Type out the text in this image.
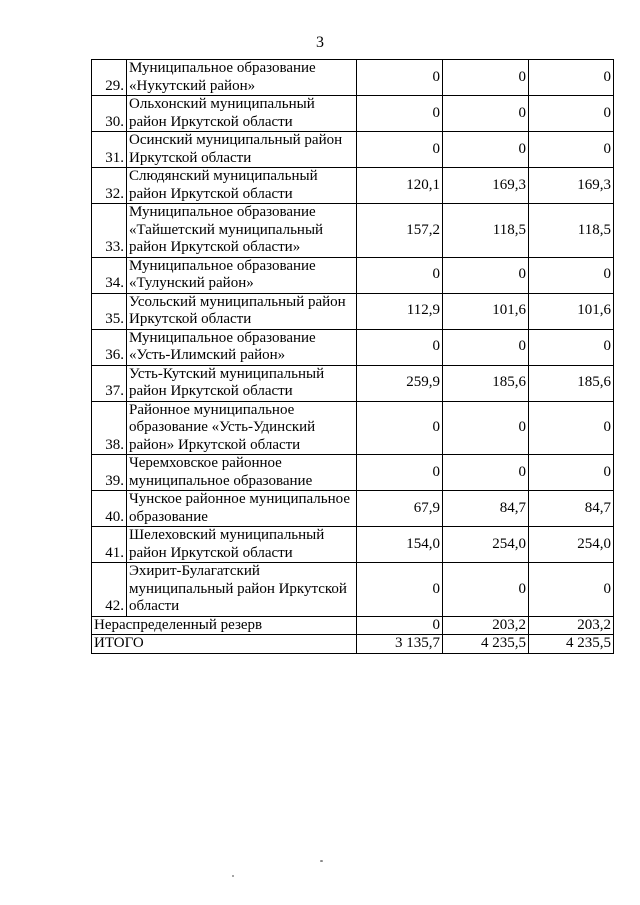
3
29.	Муниципальное образование «Нукутский район»	0	0	0
30.	Ольхонский муниципальный район Иркутской области	0	0	0
31.	Осинский муниципальный район Иркутской области	0	0	0
32.	Слюдянский муниципальный район Иркутской области	120,1	169,3	169,3
33.	Муниципальное образование «Тайшетский муниципальный район Иркутской области»	157,2	118,5	118,5
34.	Муниципальное образование «Тулунский район»	0	0	0
35.	Усольский муниципальный район Иркутской области	112,9	101,6	101,6
36.	Муниципальное образование «Усть-Илимский район»	0	0	0
37.	Усть-Кутский муниципальный район Иркутской области	259,9	185,6	185,6
38.	Районное муниципальное образование «Усть-Удинский район» Иркутской области	0	0	0
39.	Черемховское районное муниципальное образование	0	0	0
40.	Чунское районное муниципальное образование	67,9	84,7	84,7
41.	Шелеховский муниципальный район Иркутской области	154,0	254,0	254,0
42.	Эхирит-Булагатский муниципальный район Иркутской области	0	0	0
Нераспределенный резерв		0	203,2	203,2
ИТОГО		3 135,7	4 235,5	4 235,5
